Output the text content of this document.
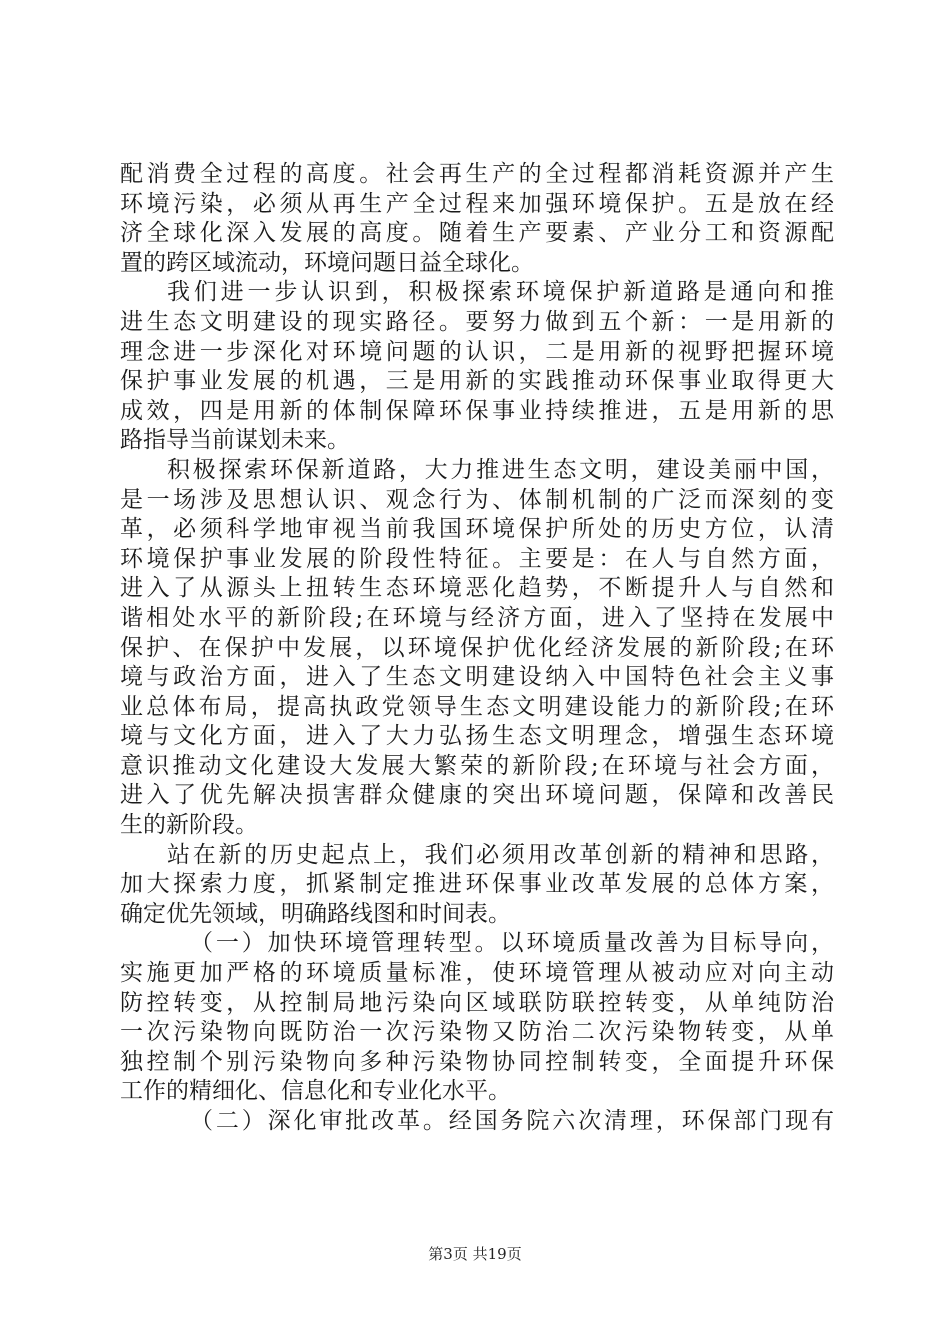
配消费全过程的高度。社会再生产的全过程都消耗资源并产生
环境污染，必须从再生产全过程来加强环境保护。五是放在经
济全球化深入发展的高度。随着生产要素、产业分工和资源配
置的跨区域流动，环境问题日益全球化。
我们进一步认识到，积极探索环境保护新道路是通向和推
进生态文明建设的现实路径。要努力做到五个新：一是用新的
理念进一步深化对环境问题的认识，二是用新的视野把握环境
保护事业发展的机遇，三是用新的实践推动环保事业取得更大
成效，四是用新的体制保障环保事业持续推进，五是用新的思
路指导当前谋划未来。
积极探索环保新道路，大力推进生态文明，建设美丽中国，
是一场涉及思想认识、观念行为、体制机制的广泛而深刻的变
革，必须科学地审视当前我国环境保护所处的历史方位，认清
环境保护事业发展的阶段性特征。主要是：在人与自然方面，
进入了从源头上扭转生态环境恶化趋势，不断提升人与自然和
谐相处水平的新阶段;在环境与经济方面，进入了坚持在发展中
保护、在保护中发展，以环境保护优化经济发展的新阶段;在环
境与政治方面，进入了生态文明建设纳入中国特色社会主义事
业总体布局，提高执政党领导生态文明建设能力的新阶段;在环
境与文化方面，进入了大力弘扬生态文明理念，增强生态环境
意识推动文化建设大发展大繁荣的新阶段;在环境与社会方面，
进入了优先解决损害群众健康的突出环境问题，保障和改善民
生的新阶段。
站在新的历史起点上，我们必须用改革创新的精神和思路，
加大探索力度，抓紧制定推进环保事业改革发展的总体方案，
确定优先领域，明确路线图和时间表。
（一）加快环境管理转型。以环境质量改善为目标导向，
实施更加严格的环境质量标准，使环境管理从被动应对向主动
防控转变，从控制局地污染向区域联防联控转变，从单纯防治
一次污染物向既防治一次污染物又防治二次污染物转变，从单
独控制个别污染物向多种污染物协同控制转变，全面提升环保
工作的精细化、信息化和专业化水平。
（二）深化审批改革。经国务院六次清理，环保部门现有
第3页 共19页
